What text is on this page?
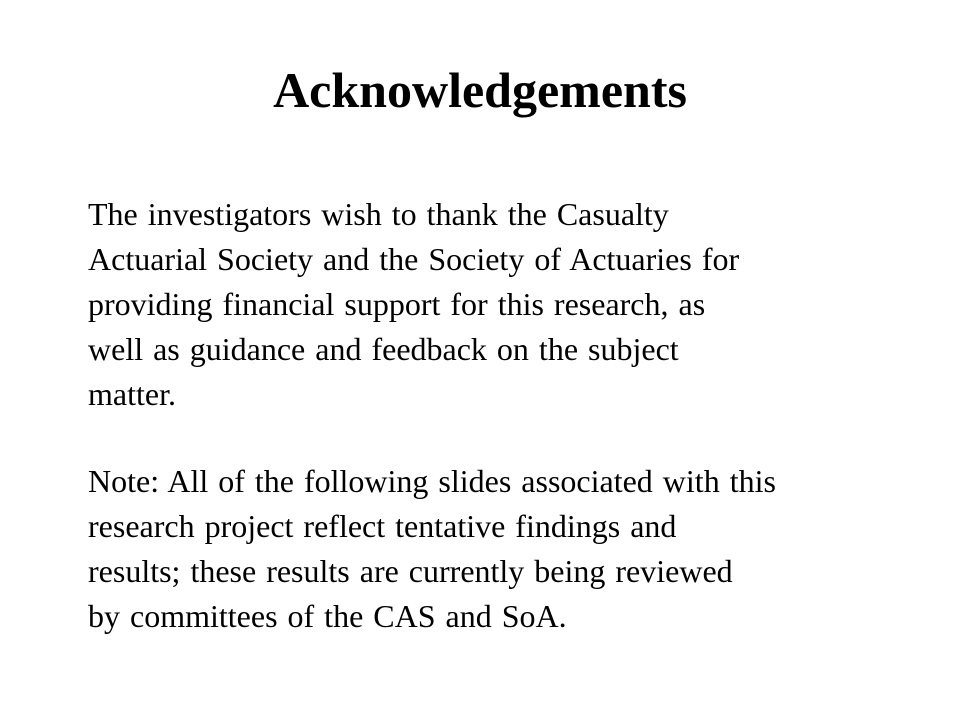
Acknowledgements

The investigators wish to thank the Casualty
Actuarial Society and the Society of Actuaries for
providing financial support for this research, as
well as guidance and feedback on the subject
matter.

Note: All of the following slides associated with this
research project reflect tentative findings and
results; these results are currently being reviewed
by committees of the CAS and SoA.
